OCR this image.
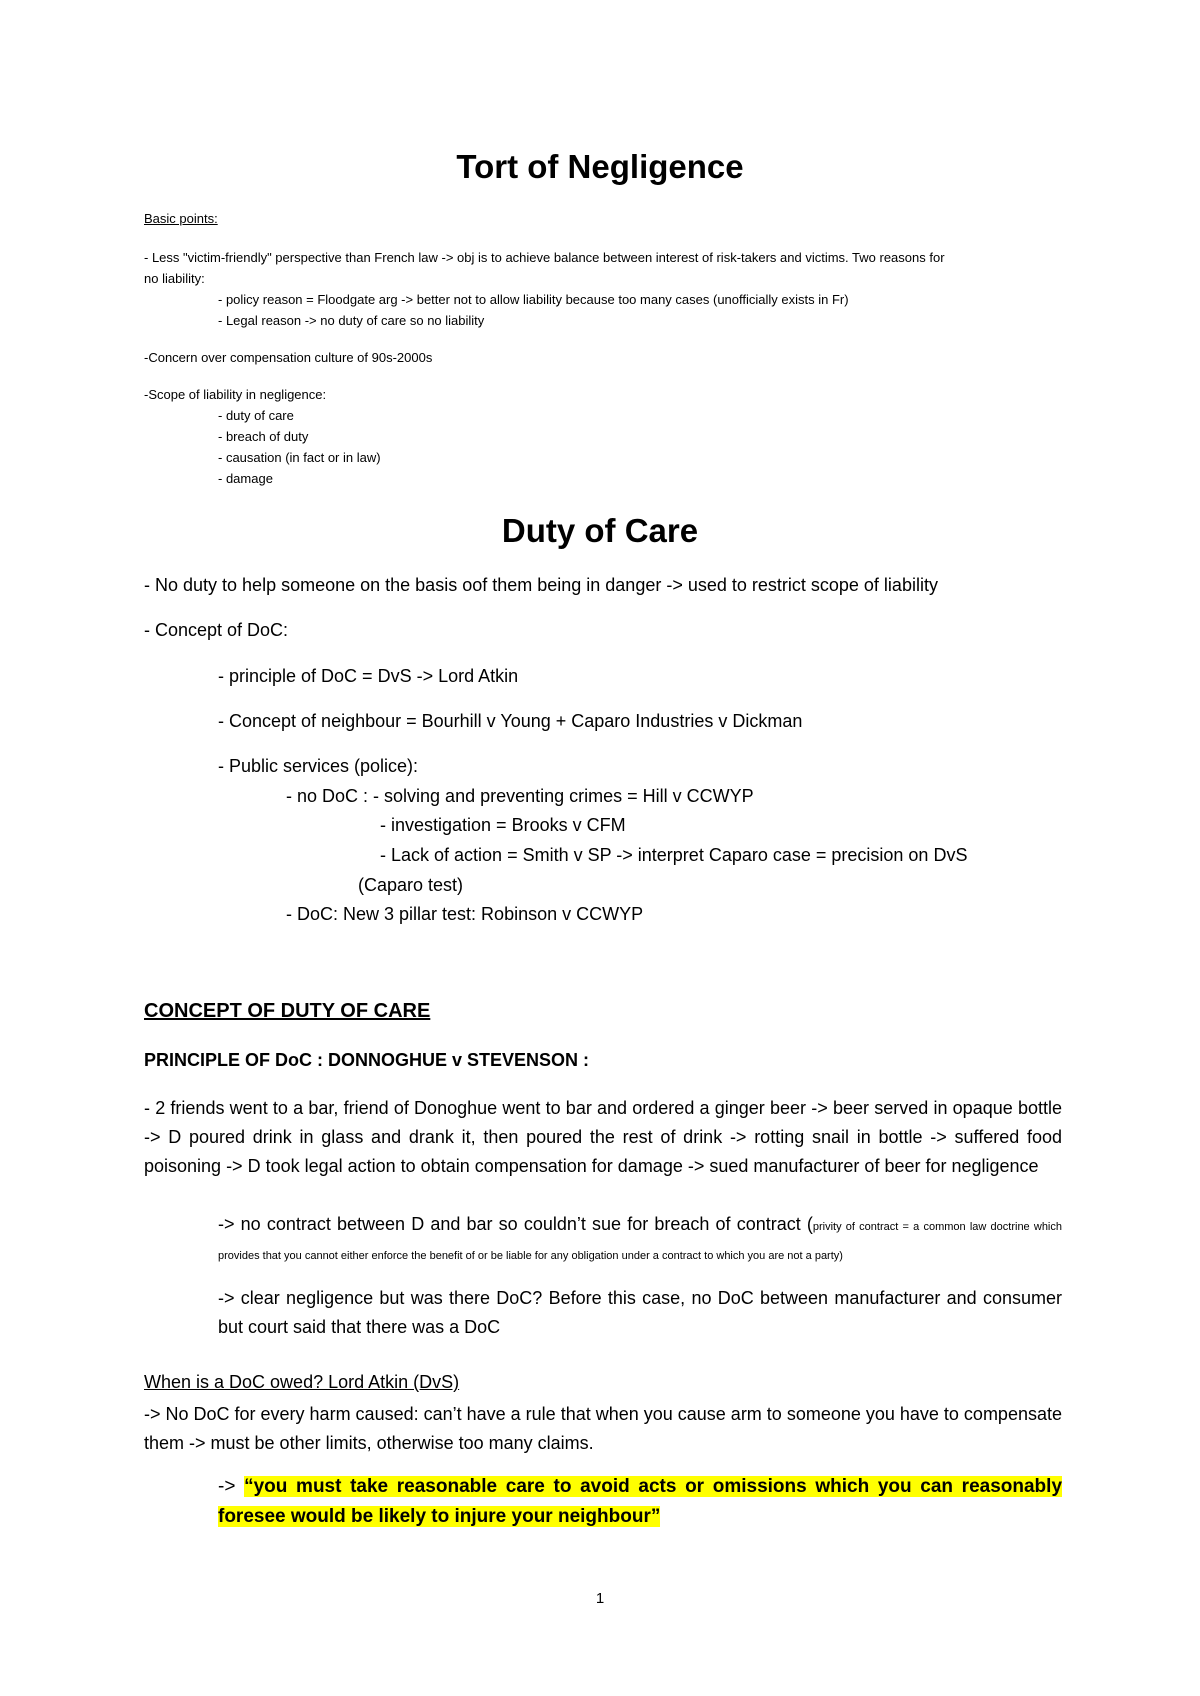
Tort of Negligence
Basic points:
- Less "victim-friendly" perspective than French law -> obj is to achieve balance between interest of risk-takers and victims. Two reasons for
no liability:
- policy reason = Floodgate arg -> better not to allow liability because too many cases (unofficially exists in Fr)
- Legal reason -> no duty of care so no liability
-Concern over compensation culture of 90s-2000s
-Scope of liability in negligence:
- duty of care
- breach of duty
- causation (in fact or in law)
- damage
Duty of Care
- No duty to help someone on the basis oof them being in danger -> used to restrict scope of liability
- Concept of DoC:
- principle of DoC = DvS -> Lord Atkin
- Concept of neighbour = Bourhill v Young + Caparo Industries v Dickman
- Public services (police):
- no DoC : - solving and preventing crimes = Hill v CCWYP
- investigation = Brooks v CFM
- Lack of action = Smith v SP -> interpret Caparo case = precision on DvS
(Caparo test)
- DoC: New 3 pillar test: Robinson v CCWYP
CONCEPT OF DUTY OF CARE
PRINCIPLE OF DoC : DONNOGHUE v STEVENSON :

- 2 friends went to a bar, friend of Donoghue went to bar and ordered a ginger beer -> beer served in opaque bottle -> D poured drink in glass and drank it, then poured the rest of drink -> rotting snail in bottle -> suffered food poisoning -> D took legal action to obtain compensation for damage -> sued manufacturer of beer for negligence

-> no contract between D and bar so couldn’t sue for breach of contract (privity of contract = a common law doctrine which provides that you cannot either enforce the benefit of or be liable for any obligation under a contract to which you are not a party)

-> clear negligence but was there DoC? Before this case, no DoC between manufacturer and consumer but court said that there was a DoC

When is a DoC owed? Lord Atkin (DvS)

-> No DoC for every harm caused: can’t have a rule that when you cause arm to someone you have to compensate them -> must be other limits, otherwise too many claims.

-> “you must take reasonable care to avoid acts or omissions which you can reasonably foresee would be likely to injure your neighbour”

1
